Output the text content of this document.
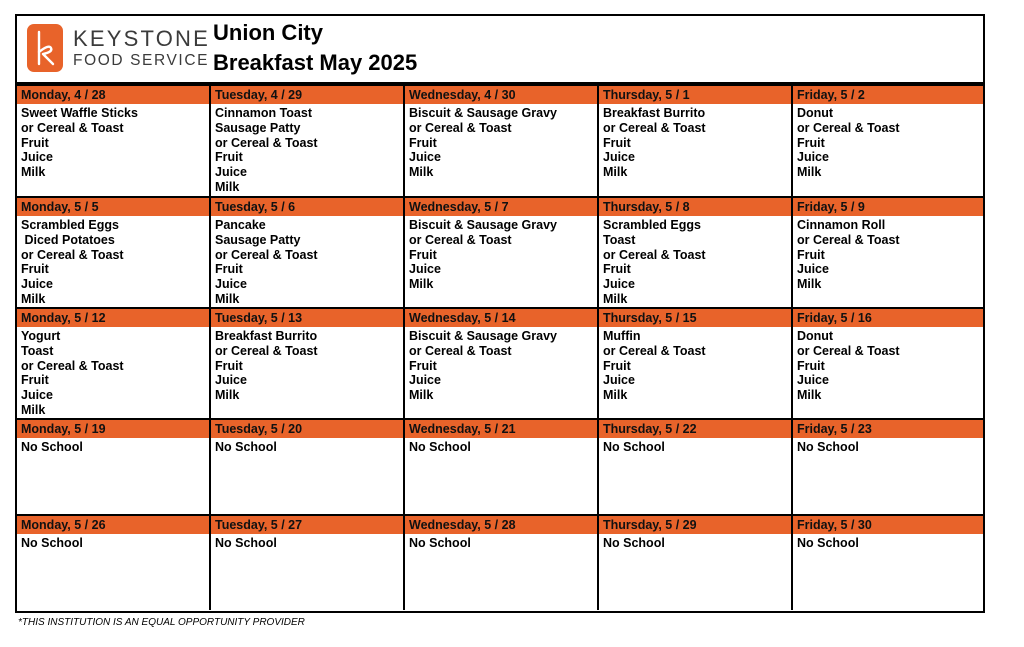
KEYSTONE
FOOD SERVICE
Union City
Breakfast May 2025
Monday, 4 / 28
Sweet Waffle Sticks
or Cereal & Toast
Fruit
Juice
Milk
Tuesday, 4 / 29
Cinnamon Toast
Sausage Patty
or Cereal & Toast
Fruit
Juice
Milk
Wednesday, 4 / 30
Biscuit & Sausage Gravy
or Cereal & Toast
Fruit
Juice
Milk
Thursday, 5 / 1
Breakfast Burrito
or Cereal & Toast
Fruit
Juice
Milk
Friday, 5 / 2
Donut
or Cereal & Toast
Fruit
Juice
Milk
Monday, 5 / 5
Scrambled Eggs
Diced Potatoes
or Cereal & Toast
Fruit
Juice
Milk
Tuesday, 5 / 6
Pancake
Sausage Patty
or Cereal & Toast
Fruit
Juice
Milk
Wednesday, 5 / 7
Biscuit & Sausage Gravy
or Cereal & Toast
Fruit
Juice
Milk
Thursday, 5 / 8
Scrambled Eggs
Toast
or Cereal & Toast
Fruit
Juice
Milk
Friday, 5 / 9
Cinnamon Roll
or Cereal & Toast
Fruit
Juice
Milk
Monday, 5 / 12
Yogurt
Toast
or Cereal & Toast
Fruit
Juice
Milk
Tuesday, 5 / 13
Breakfast Burrito
or Cereal & Toast
Fruit
Juice
Milk
Wednesday, 5 / 14
Biscuit & Sausage Gravy
or Cereal & Toast
Fruit
Juice
Milk
Thursday, 5 / 15
Muffin
or Cereal & Toast
Fruit
Juice
Milk
Friday, 5 / 16
Donut
or Cereal & Toast
Fruit
Juice
Milk
Monday, 5 / 19
No School
Tuesday, 5 / 20
No School
Wednesday, 5 / 21
No School
Thursday, 5 / 22
No School
Friday, 5 / 23
No School
Monday, 5 / 26
No School
Tuesday, 5 / 27
No School
Wednesday, 5 / 28
No School
Thursday, 5 / 29
No School
Friday, 5 / 30
No School
*THIS INSTITUTION IS AN EQUAL OPPORTUNITY PROVIDER
